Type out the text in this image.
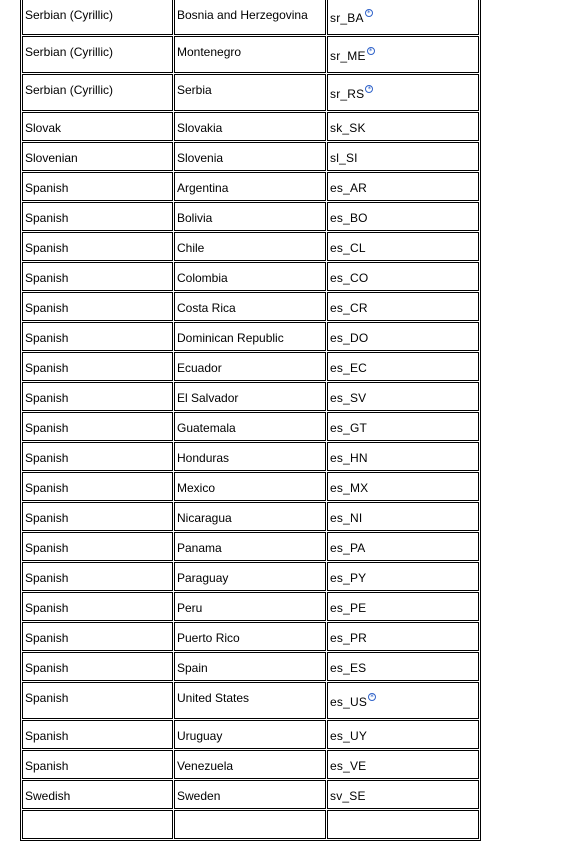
Serbian (Cyrillic)	Bosnia and Herzegovina	sr_BA *
Serbian (Cyrillic)	Montenegro	sr_ME *
Serbian (Cyrillic)	Serbia	sr_RS *
Slovak	Slovakia	sk_SK
Slovenian	Slovenia	sl_SI
Spanish	Argentina	es_AR
Spanish	Bolivia	es_BO
Spanish	Chile	es_CL
Spanish	Colombia	es_CO
Spanish	Costa Rica	es_CR
Spanish	Dominican Republic	es_DO
Spanish	Ecuador	es_EC
Spanish	El Salvador	es_SV
Spanish	Guatemala	es_GT
Spanish	Honduras	es_HN
Spanish	Mexico	es_MX
Spanish	Nicaragua	es_NI
Spanish	Panama	es_PA
Spanish	Paraguay	es_PY
Spanish	Peru	es_PE
Spanish	Puerto Rico	es_PR
Spanish	Spain	es_ES
Spanish	United States	es_US *
Spanish	Uruguay	es_UY
Spanish	Venezuela	es_VE
Swedish	Sweden	sv_SE
